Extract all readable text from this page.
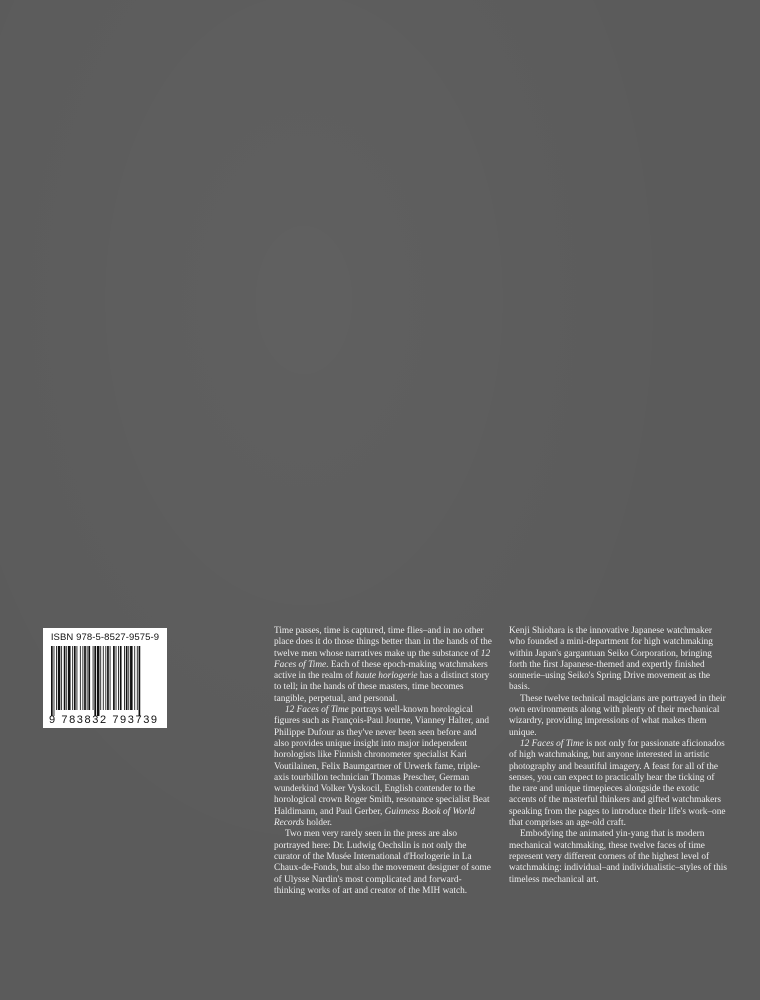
ISBN 978-5-8527-9575-9
9 783832 793739

Time passes, time is captured, time flies–and in no other place does it do those things better than in the hands of the twelve men whose narratives make up the substance of 12 Faces of Time. Each of these epoch-making watchmakers active in the realm of haute horlogerie has a distinct story to tell; in the hands of these masters, time becomes tangible, perpetual, and personal.

12 Faces of Time portrays well-known horological figures such as François-Paul Journe, Vianney Halter, and Philippe Dufour as they've never been seen before and also provides unique insight into major independent horologists like Finnish chronometer specialist Kari Voutilainen, Felix Baumgartner of Urwerk fame, triple-axis tourbillon technician Thomas Prescher, German wunderkind Volker Vyskocil, English contender to the horological crown Roger Smith, resonance specialist Beat Haldimann, and Paul Gerber, Guinness Book of World Records holder.

Two men very rarely seen in the press are also portrayed here: Dr. Ludwig Oechslin is not only the curator of the Musée International d'Horlogerie in La Chaux-de-Fonds, but also the movement designer of some of Ulysse Nardin's most complicated and forward-thinking works of art and creator of the MIH watch.

Kenji Shiohara is the innovative Japanese watchmaker who founded a mini-department for high watchmaking within Japan's gargantuan Seiko Corporation, bringing forth the first Japanese-themed and expertly finished sonnerie–using Seiko's Spring Drive movement as the basis.

These twelve technical magicians are portrayed in their own environments along with plenty of their mechanical wizardry, providing impressions of what makes them unique.

12 Faces of Time is not only for passionate aficionados of high watchmaking, but anyone interested in artistic photography and beautiful imagery. A feast for all of the senses, you can expect to practically hear the ticking of the rare and unique timepieces alongside the exotic accents of the masterful thinkers and gifted watchmakers speaking from the pages to introduce their life's work–one that comprises an age-old craft.

Embodying the animated yin-yang that is modern mechanical watchmaking, these twelve faces of time represent very different corners of the highest level of watchmaking: individual–and individualistic–styles of this timeless mechanical art.
